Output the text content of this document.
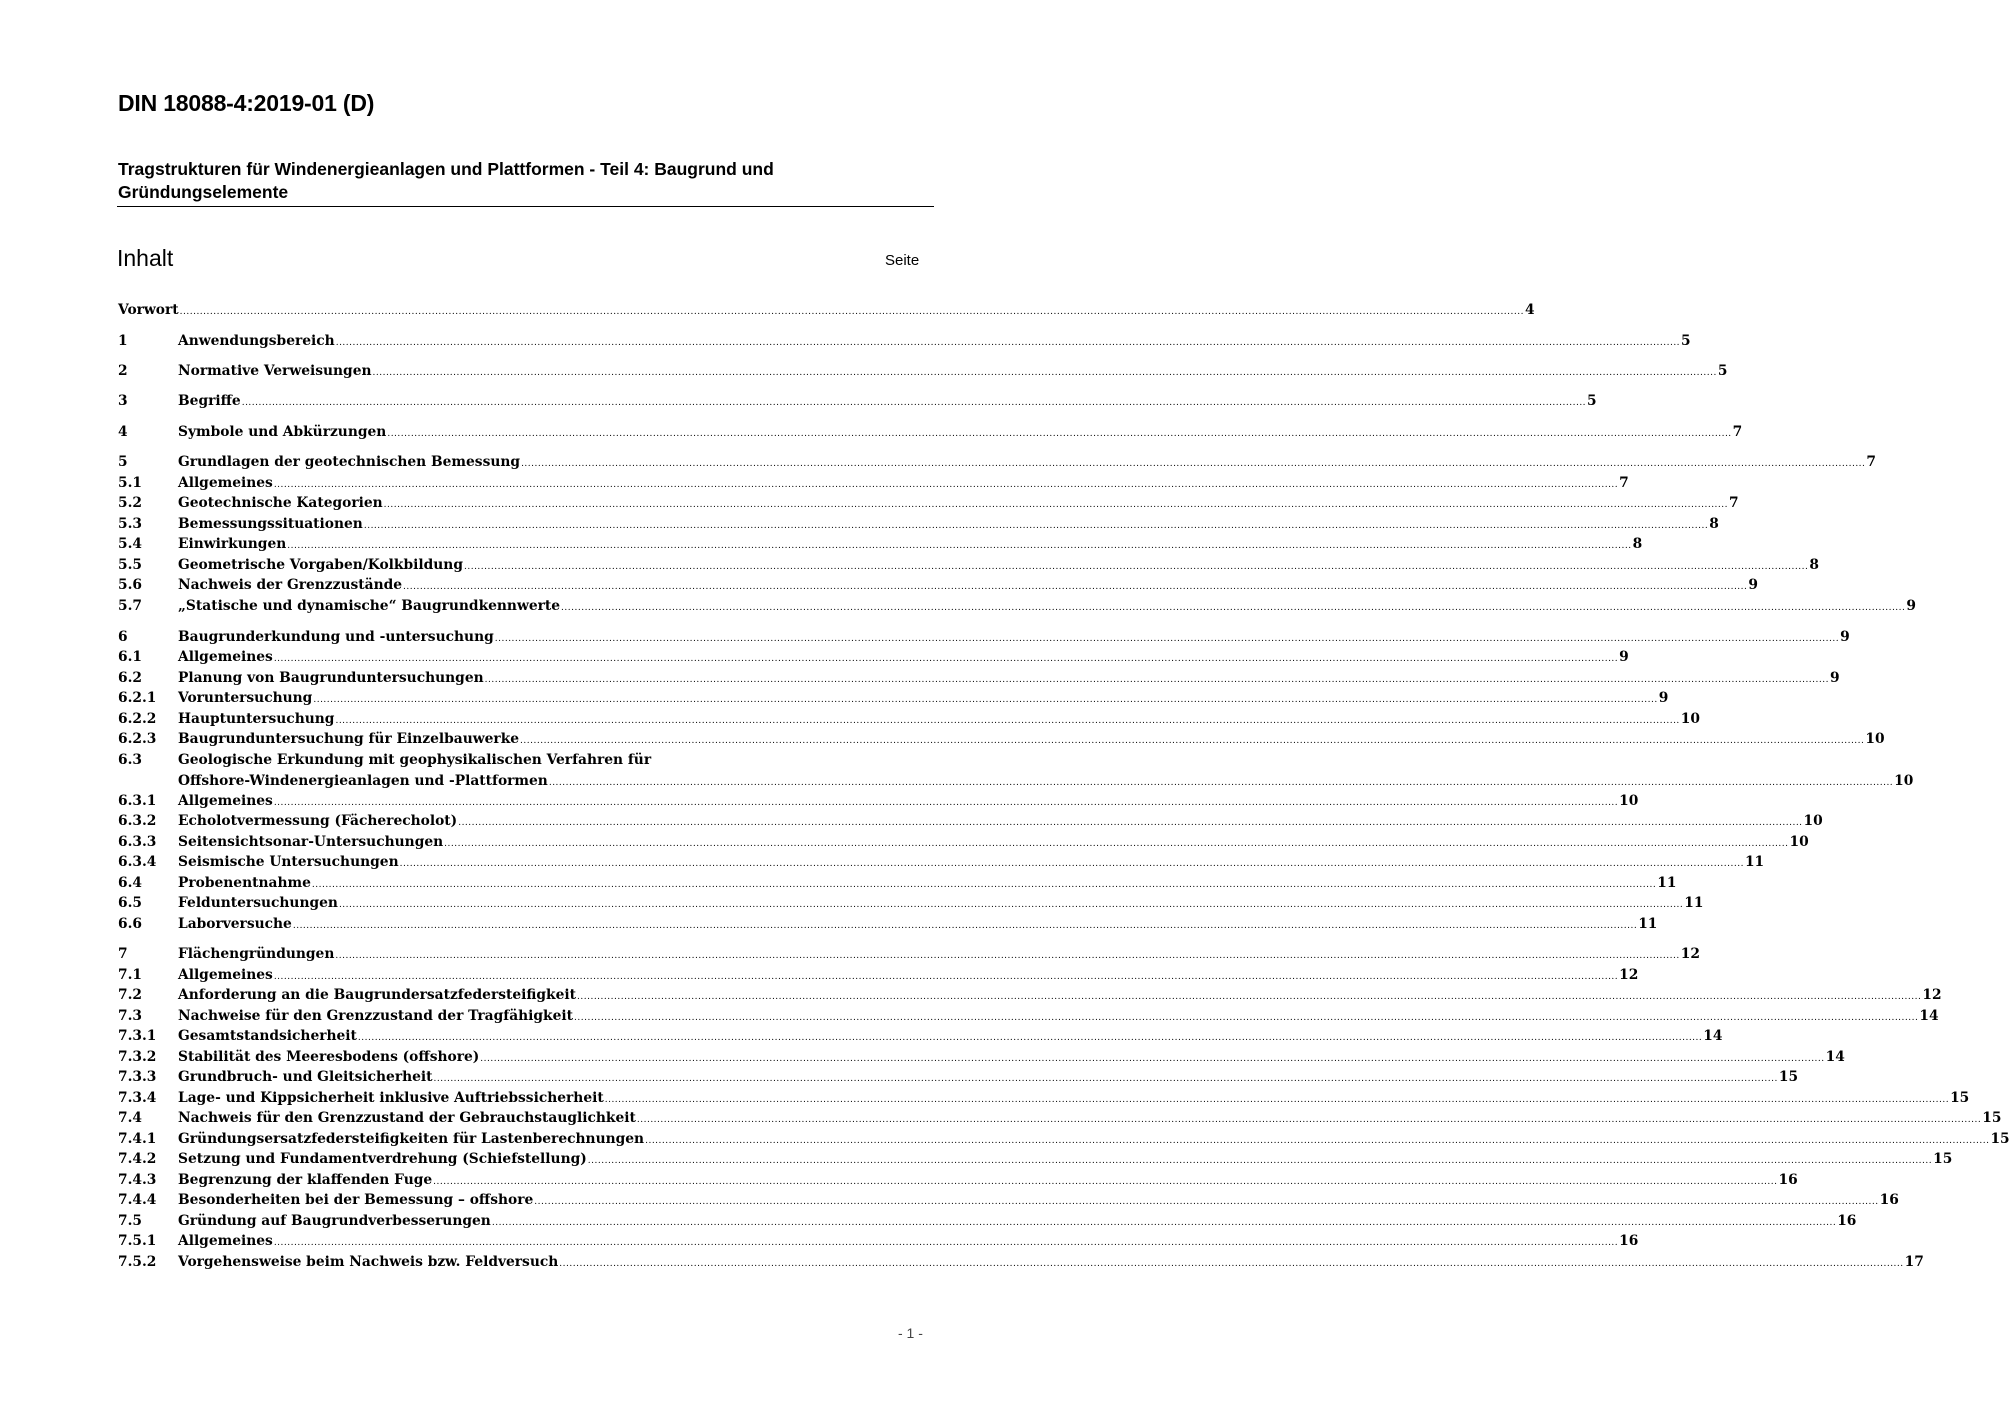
DIN 18088-4:2019-01 (D)
Tragstrukturen für Windenergieanlagen und Plattformen - Teil 4: Baugrund und Gründungselemente
Inhalt	Seite
Vorwort ................................................................................................................................................................................................................................................................................................................................................................................................................ 4
1	Anwendungsbereich ................................................................................................................................................................................................................................................................................................................................................................................................................ 5
2	Normative Verweisungen ................................................................................................................................................................................................................................................................................................................................................................................................................ 5
3	Begriffe ................................................................................................................................................................................................................................................................................................................................................................................................................ 5
4	Symbole und Abkürzungen ................................................................................................................................................................................................................................................................................................................................................................................................................ 7
5	Grundlagen der geotechnischen Bemessung ................................................................................................................................................................................................................................................................................................................................................................................................................ 7
5.1	Allgemeines ................................................................................................................................................................................................................................................................................................................................................................................................................ 7
5.2	Geotechnische Kategorien ................................................................................................................................................................................................................................................................................................................................................................................................................ 7
5.3	Bemessungssituationen ................................................................................................................................................................................................................................................................................................................................................................................................................ 8
5.4	Einwirkungen ................................................................................................................................................................................................................................................................................................................................................................................................................ 8
5.5	Geometrische Vorgaben/Kolkbildung ................................................................................................................................................................................................................................................................................................................................................................................................................ 8
5.6	Nachweis der Grenzzustände ................................................................................................................................................................................................................................................................................................................................................................................................................ 9
5.7	„Statische und dynamische“ Baugrundkennwerte ................................................................................................................................................................................................................................................................................................................................................................................................................ 9
6	Baugrunderkundung und -untersuchung ................................................................................................................................................................................................................................................................................................................................................................................................................ 9
6.1	Allgemeines ................................................................................................................................................................................................................................................................................................................................................................................................................ 9
6.2	Planung von Baugrunduntersuchungen ................................................................................................................................................................................................................................................................................................................................................................................................................ 9
6.2.1	Voruntersuchung ................................................................................................................................................................................................................................................................................................................................................................................................................ 9
6.2.2	Hauptuntersuchung ................................................................................................................................................................................................................................................................................................................................................................................................................ 10
6.2.3	Baugrunduntersuchung für Einzelbauwerke ................................................................................................................................................................................................................................................................................................................................................................................................................ 10
6.3	Geologische Erkundung mit geophysikalischen Verfahren für
Offshore-Windenergieanlagen und -Plattformen ................................................................................................................................................................................................................................................................................................................................................................................................................ 10
6.3.1	Allgemeines ................................................................................................................................................................................................................................................................................................................................................................................................................ 10
6.3.2	Echolotvermessung (Fächerecholot) ................................................................................................................................................................................................................................................................................................................................................................................................................ 10
6.3.3	Seitensichtsonar-Untersuchungen ................................................................................................................................................................................................................................................................................................................................................................................................................ 10
6.3.4	Seismische Untersuchungen ................................................................................................................................................................................................................................................................................................................................................................................................................ 11
6.4	Probenentnahme ................................................................................................................................................................................................................................................................................................................................................................................................................ 11
6.5	Felduntersuchungen ................................................................................................................................................................................................................................................................................................................................................................................................................ 11
6.6	Laborversuche ................................................................................................................................................................................................................................................................................................................................................................................................................ 11
7	Flächengründungen ................................................................................................................................................................................................................................................................................................................................................................................................................ 12
7.1	Allgemeines ................................................................................................................................................................................................................................................................................................................................................................................................................ 12
7.2	Anforderung an die Baugrundersatzfedersteifigkeit ................................................................................................................................................................................................................................................................................................................................................................................................................ 12
7.3	Nachweise für den Grenzzustand der Tragfähigkeit ................................................................................................................................................................................................................................................................................................................................................................................................................ 14
7.3.1	Gesamtstandsicherheit ................................................................................................................................................................................................................................................................................................................................................................................................................ 14
7.3.2	Stabilität des Meeresbodens (offshore) ................................................................................................................................................................................................................................................................................................................................................................................................................ 14
7.3.3	Grundbruch- und Gleitsicherheit ................................................................................................................................................................................................................................................................................................................................................................................................................ 15
7.3.4	Lage- und Kippsicherheit inklusive Auftriebssicherheit ................................................................................................................................................................................................................................................................................................................................................................................................................ 15
7.4	Nachweis für den Grenzzustand der Gebrauchstauglichkeit ................................................................................................................................................................................................................................................................................................................................................................................................................ 15
7.4.1	Gründungsersatzfedersteifigkeiten für Lastenberechnungen ................................................................................................................................................................................................................................................................................................................................................................................................................ 15
7.4.2	Setzung und Fundamentverdrehung (Schiefstellung) ................................................................................................................................................................................................................................................................................................................................................................................................................ 15
7.4.3	Begrenzung der klaffenden Fuge ................................................................................................................................................................................................................................................................................................................................................................................................................ 16
7.4.4	Besonderheiten bei der Bemessung – offshore ................................................................................................................................................................................................................................................................................................................................................................................................................ 16
7.5	Gründung auf Baugrundverbesserungen ................................................................................................................................................................................................................................................................................................................................................................................................................ 16
7.5.1	Allgemeines ................................................................................................................................................................................................................................................................................................................................................................................................................ 16
7.5.2	Vorgehensweise beim Nachweis bzw. Feldversuch ................................................................................................................................................................................................................................................................................................................................................................................................................ 17
- 1 -
